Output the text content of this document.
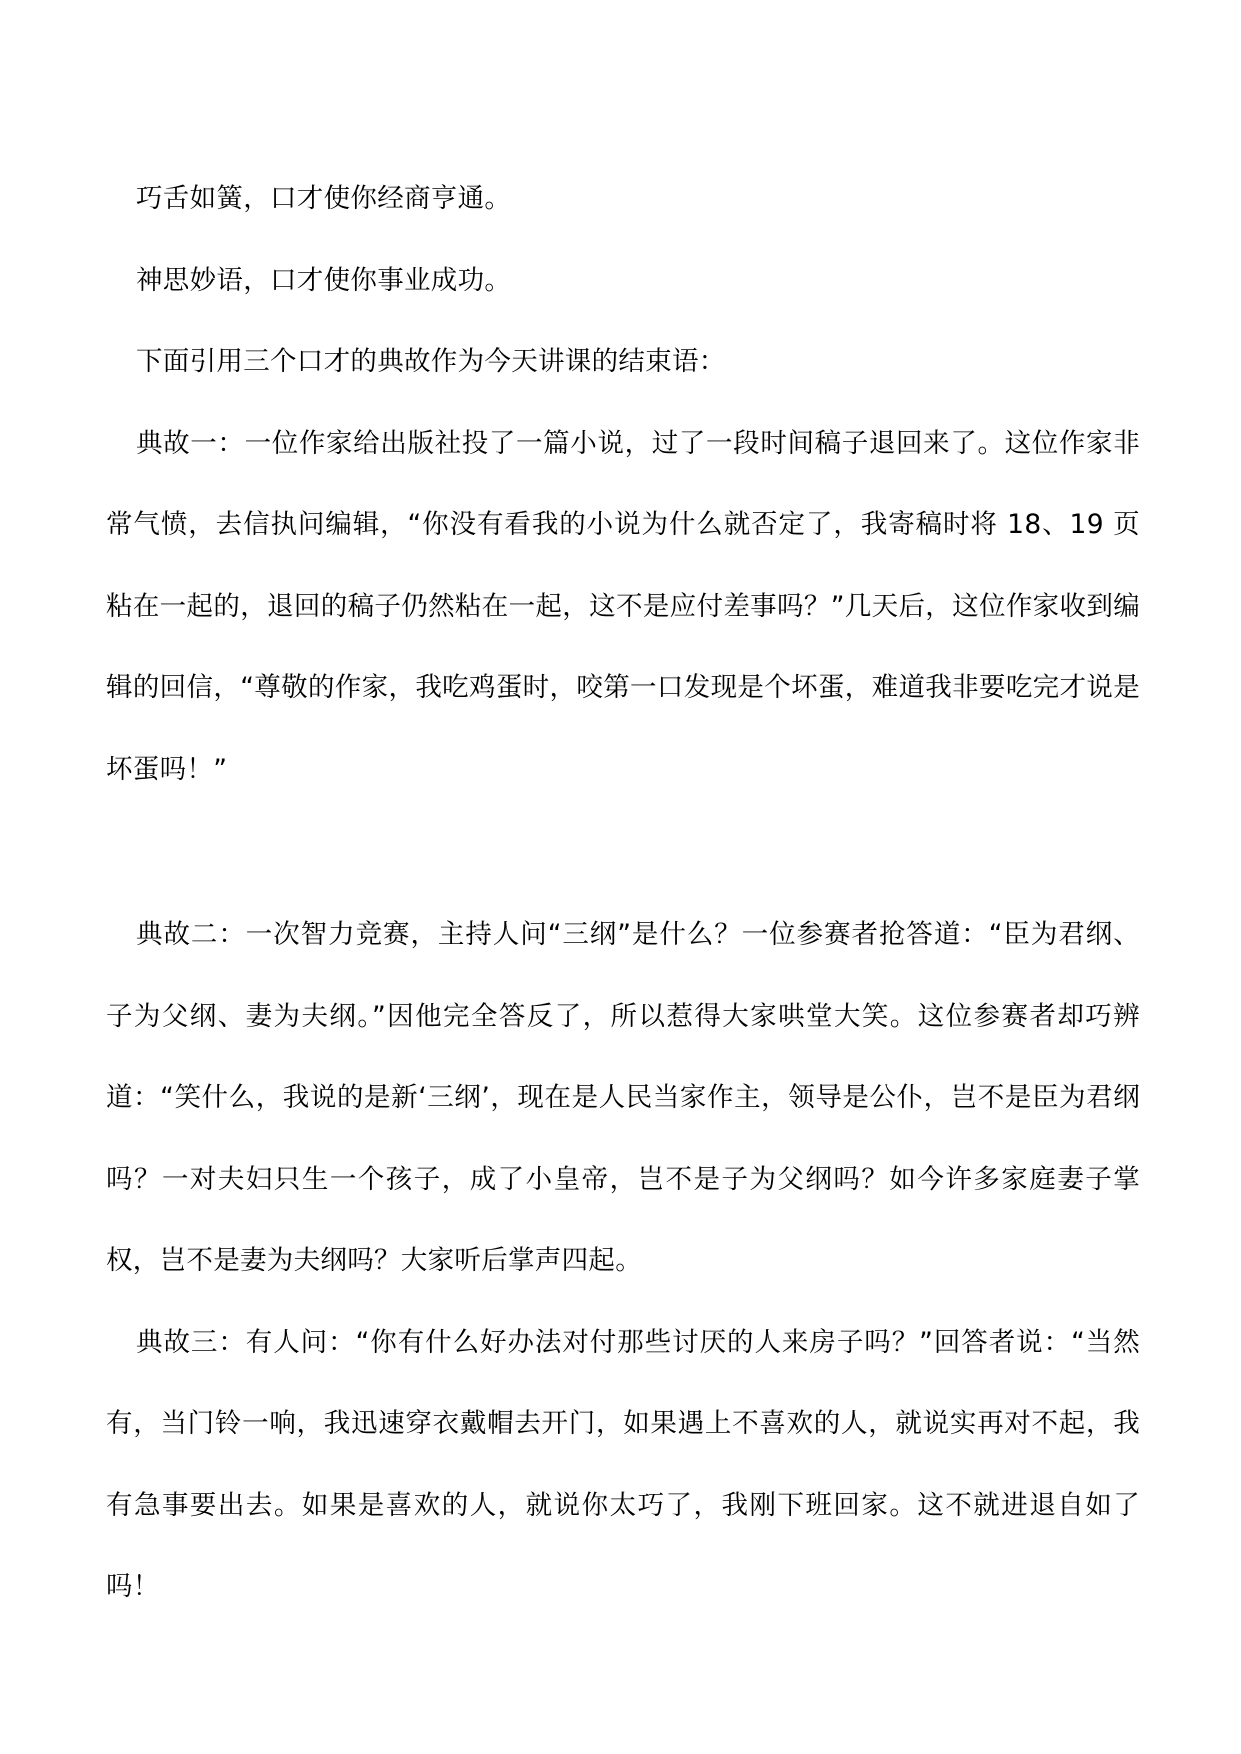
巧舌如簧，口才使你经商亨通。

神思妙语，口才使你事业成功。

下面引用三个口才的典故作为今天讲课的结束语：

典故一：一位作家给出版社投了一篇小说，过了一段时间稿子退回来了。这位作家非常气愤，去信执问编辑，“你没有看我的小说为什么就否定了，我寄稿时将 18、19 页粘在一起的，退回的稿子仍然粘在一起，这不是应付差事吗？”几天后，这位作家收到编辑的回信，“尊敬的作家，我吃鸡蛋时，咬第一口发现是个坏蛋，难道我非要吃完才说是坏蛋吗！”

典故二：一次智力竞赛，主持人问“三纲”是什么？一位参赛者抢答道：“臣为君纲、子为父纲、妻为夫纲。”因他完全答反了，所以惹得大家哄堂大笑。这位参赛者却巧辨道：“笑什么，我说的是新‘三纲’，现在是人民当家作主，领导是公仆，岂不是臣为君纲吗？一对夫妇只生一个孩子，成了小皇帝，岂不是子为父纲吗？如今许多家庭妻子掌权，岂不是妻为夫纲吗？大家听后掌声四起。

典故三：有人问：“你有什么好办法对付那些讨厌的人来房子吗？”回答者说：“当然有，当门铃一响，我迅速穿衣戴帽去开门，如果遇上不喜欢的人，就说实再对不起，我有急事要出去。如果是喜欢的人，就说你太巧了，我刚下班回家。这不就进退自如了吗！
